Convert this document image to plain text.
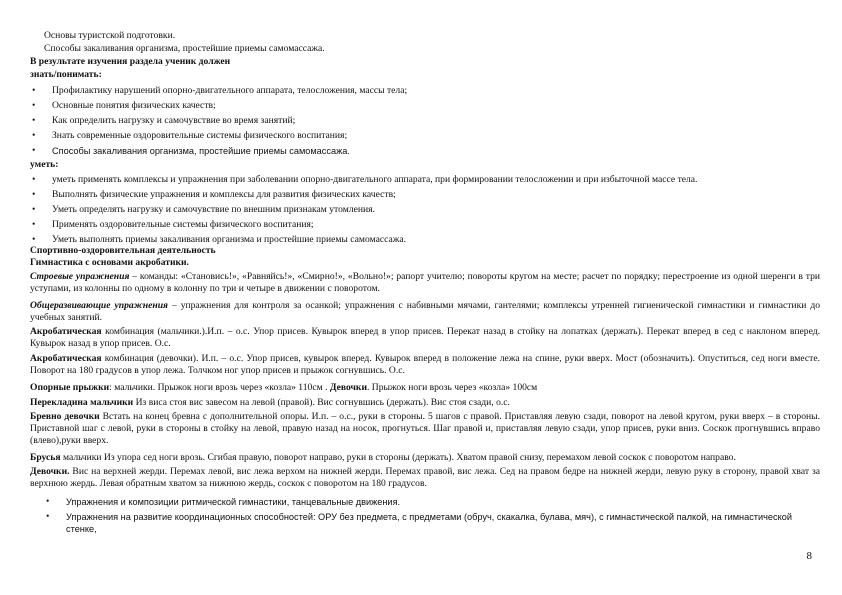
Основы туристской подготовки.
Способы закаливания организма, простейшие приемы самомассажа.
В результате изучения раздела ученик должен
знать/понимать:
• Профилактику нарушений опорно-двигательного аппарата, телосложения, массы тела;
• Основные понятия физических качеств;
• Как определить нагрузку и самочувствие во время занятий;
• Знать современные оздоровительные системы физического воспитания;
• Способы закаливания организма, простейшие приемы самомассажа.
уметь:
• уметь применять комплексы и упражнения при заболевании опорно-двигательного аппарата, при формировании телосложении и при избыточной массе тела.
• Выполнять физические упражнения и комплексы для развития физических качеств;
• Уметь определять нагрузку и самочувствие по внешним признакам утомления.
• Применять оздоровительные системы физического воспитания;
• Уметь выполнять приемы закаливания организма и простейшие приемы самомассажа.
Спортивно-оздоровительная деятельность
Гимнастика с основами акробатики.
Строевые упражнения – команды: «Становись!», «Равняйсь!», «Смирно!», «Вольно!»; рапорт учителю; повороты кругом на месте; расчет по порядку; перестроение из одной шеренги в три уступами, из колонны по одному в колонну по три и четыре в движении с поворотом.
Общеразвивающие упражнения – упражнения для контроля за осанкой; упражнения с набивными мячами, гантелями; комплексы утренней гигиенической гимнастики и гимнастики до учебных занятий.
Акробатическая комбинация (мальчики.).И.п. – о.с. Упор присев. Кувырок вперед в упор присев. Перекат назад в стойку на лопатках (держать). Перекат вперед в сед с наклоном вперед. Кувырок назад в упор присев. О.с.
Акробатическая комбинация (девочки). И.п. – о.с. Упор присев, кувырок вперед. Кувырок вперед в положение лежа на спине, руки вверх. Мост (обозначить). Опуститься, сед ноги вместе. Поворот на 180 градусов в упор лежа. Толчком ног упор присев и прыжок согнувшись. О.с.
Опорные прыжки: мальчики. Прыжок ноги врозь через «козла» 110см . Девочки. Прыжок ноги врозь через «козла» 100см
Перекладина мальчики Из виса стоя вис завесом на левой (правой). Вис согнувшись (держать). Вис стоя сзади, о.с.
Бревно девочки Встать на конец бревна с дополнительной опоры. И.п. – о.с., руки в стороны. 5 шагов с правой. Приставляя левую сзади, поворот на левой кругом, руки вверх – в стороны. Приставной шаг с левой, руки в стороны в стойку на левой, правую назад на носок, прогнуться. Шаг правой и, приставляя левую сзади, упор присев, руки вниз. Соскок прогнувшись вправо (влево),руки вверх.
Брусья мальчики Из упора сед ноги врозь. Сгибая правую, поворот направо, руки в стороны (держать). Хватом правой снизу, перемахом левой соскок с поворотом направо.
Девочки. Вис на верхней жерди. Перемах левой, вис лежа верхом на нижней жерди. Перемах правой, вис лежа. Сед на правом бедре на нижней жерди, левую руку в сторону, правой хват за верхнюю жердь. Левая обратным хватом за нижнюю жердь, соскок с поворотом на 180 градусов.
• Упражнения и композиции ритмической гимнастики, танцевальные движения.
• Упражнения на развитие координационных способностей: ОРУ без предмета, с предметами (обруч, скакалка, булава, мяч), с гимнастической палкой, на гимнастической стенке,
8
